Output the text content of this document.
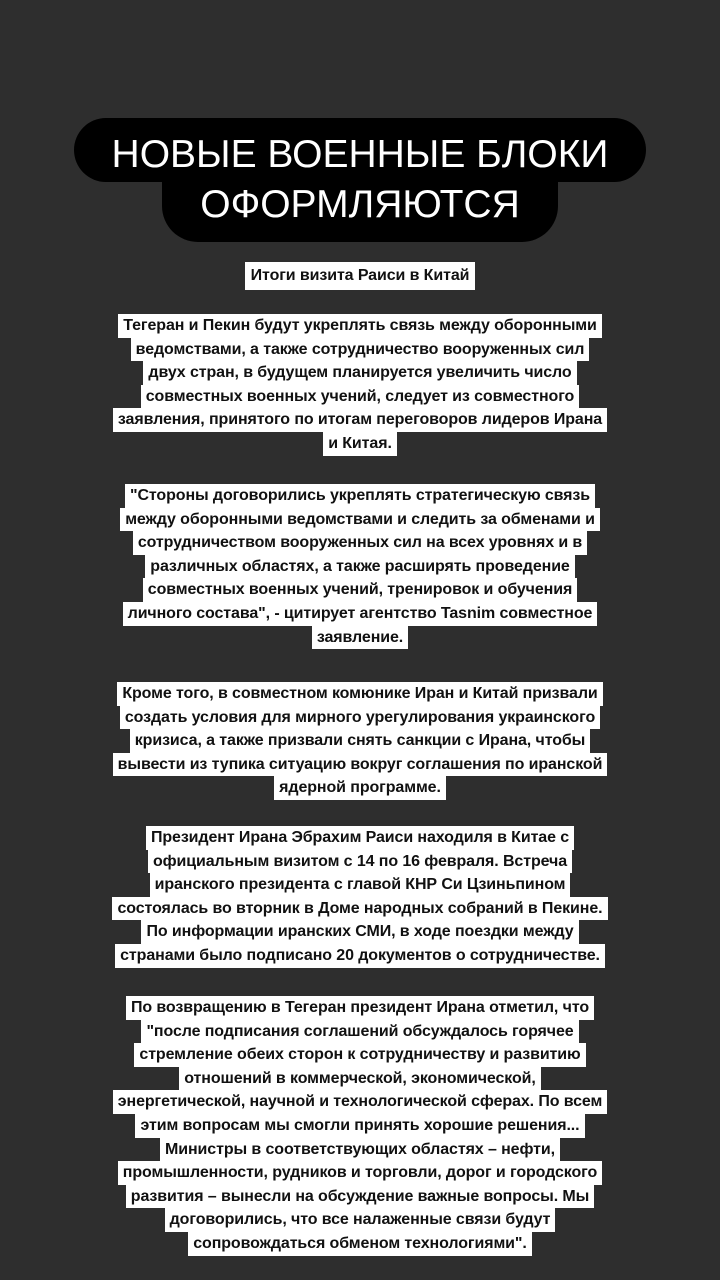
НОВЫЕ ВОЕННЫЕ БЛОКИ
ОФОРМЛЯЮТСЯ
Итоги визита Раиси в Китай
Тегеран и Пекин будут укреплять связь между оборонными
ведомствами, а также сотрудничество вооруженных сил
двух стран, в будущем планируется увеличить число
совместных военных учений, следует из совместного
заявления, принятого по итогам переговоров лидеров Ирана
и Китая.
"Стороны договорились укреплять стратегическую связь
между оборонными ведомствами и следить за обменами и
сотрудничеством вооруженных сил на всех уровнях и в
различных областях, а также расширять проведение
совместных военных учений, тренировок и обучения
личного состава", - цитирует агентство Tasnim совместное
заявление.
Кроме того, в совместном комюнике Иран и Китай призвали
создать условия для мирного урегулирования украинского
кризиса, а также призвали снять санкции с Ирана, чтобы
вывести из тупика ситуацию вокруг соглашения по иранской
ядерной программе.
Президент Ирана Эбрахим Раиси находиля в Китае с
официальным визитом с 14 по 16 февраля. Встреча
иранского президента с главой КНР Си Цзиньпином
состоялась во вторник в Доме народных собраний в Пекине.
По информации иранских СМИ, в ходе поездки между
странами было подписано 20 документов о сотрудничестве.
По возвращению в Тегеран президент Ирана отметил, что
"после подписания соглашений обсуждалось горячее
стремление обеих сторон к сотрудничеству и развитию
отношений в коммерческой, экономической,
энергетической, научной и технологической сферах. По всем
этим вопросам мы смогли принять хорошие решения...
Министры в соответствующих областях – нефти,
промышленности, рудников и торговли, дорог и городского
развития – вынесли на обсуждение важные вопросы. Мы
договорились, что все налаженные связи будут
сопровождаться обменом технологиями".
